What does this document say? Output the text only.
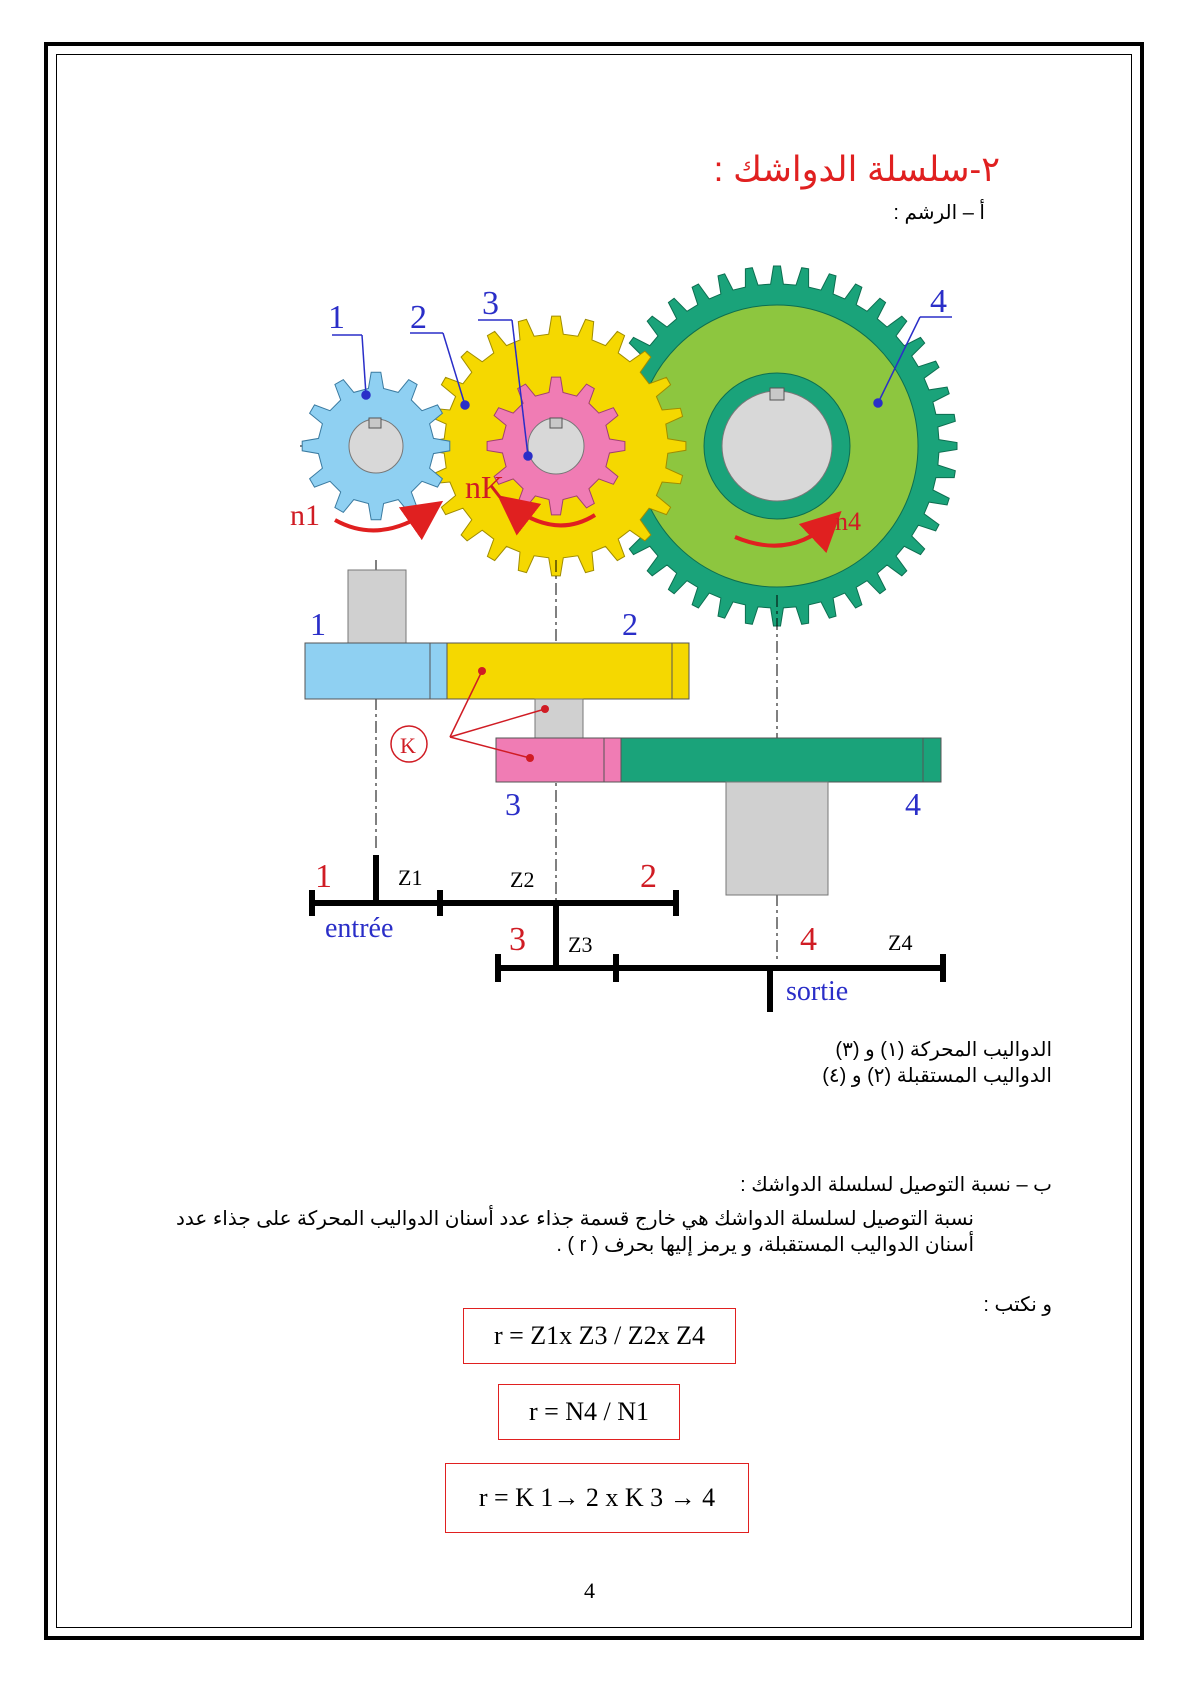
٢-سلسلة الدواشك :
أ – الرشم :
1 2 3	4
n1
nK
n4
K
1	2
3	4
1	2
3	4
Z1	Z2
Z3	Z4
entrée
sortie
الدواليب المحركة (١) و (٣)
الدواليب المستقبلة (٢) و (٤)
ب – نسبة التوصيل لسلسلة الدواشك :
نسبة التوصيل لسلسلة الدواشك هي خارج قسمة جذاء عدد أسنان الدواليب المحركة على جذاء عدد أسنان الدواليب المستقبلة، و يرمز إليها بحرف ( r ) .
و نكتب :
r = Z1x Z3 / Z2x Z4
r = N4 / N1
r = K 1→ 2 x K 3 → 4
4
